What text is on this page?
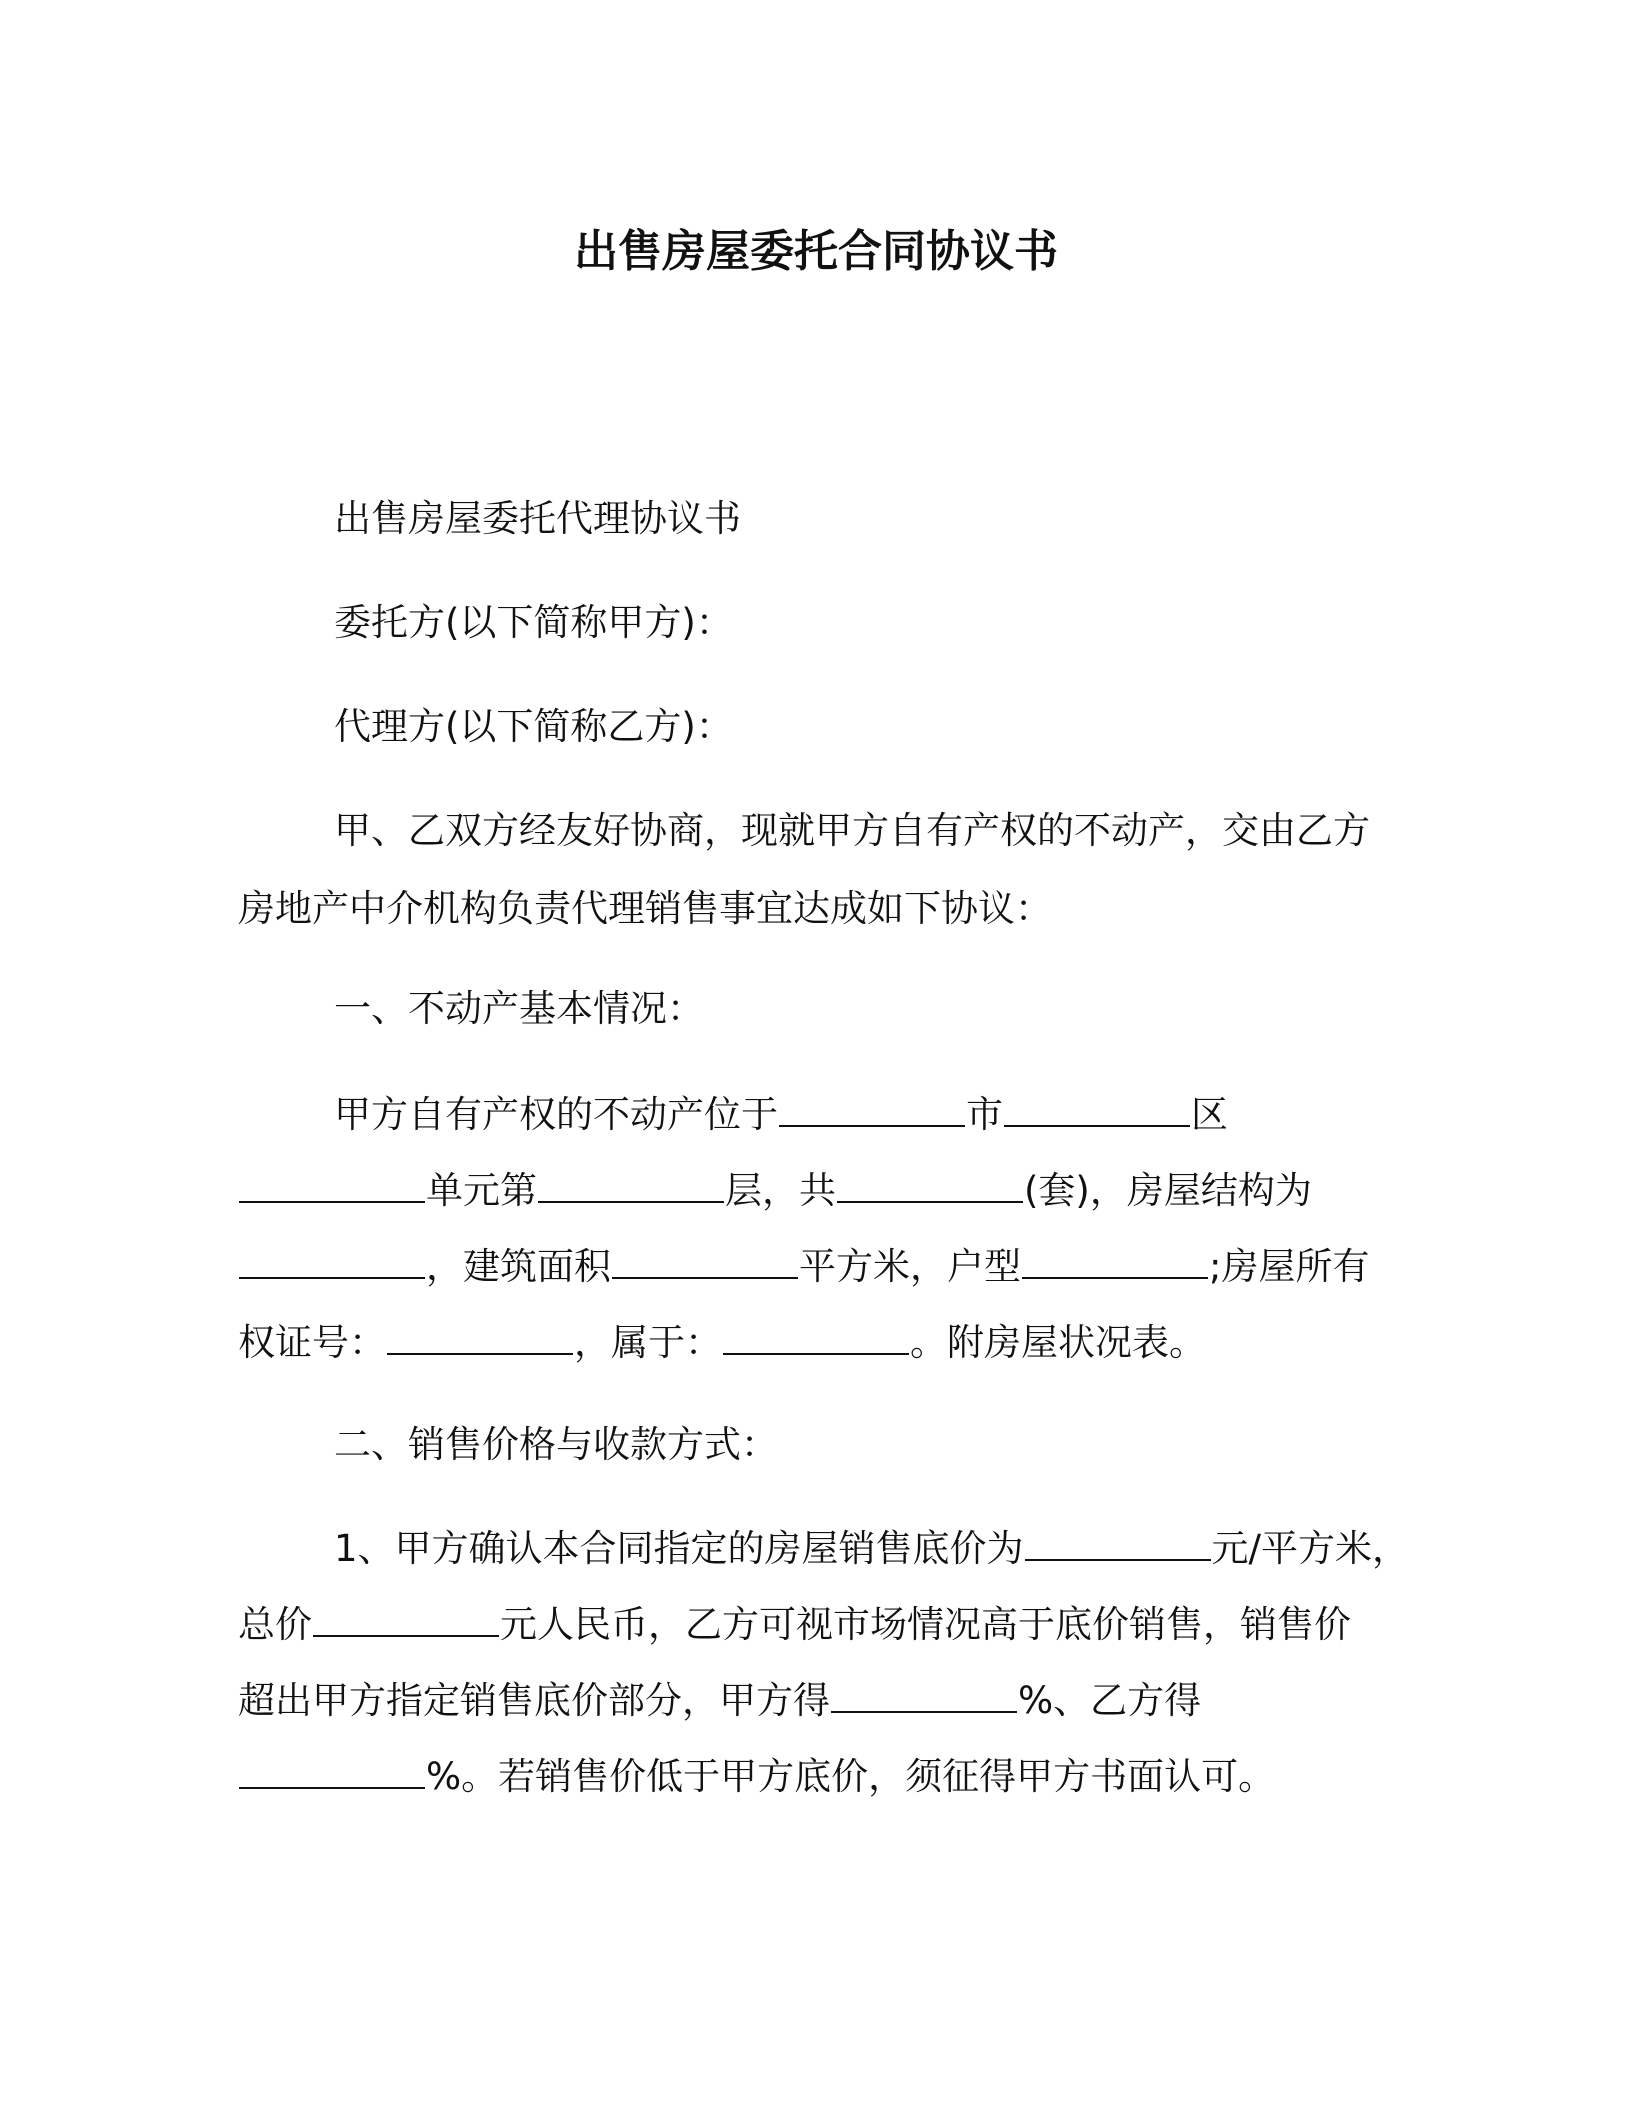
出售房屋委托合同协议书
出售房屋委托代理协议书
委托方(以下简称甲方)：
代理方(以下简称乙方)：
甲、乙双方经友好协商，现就甲方自有产权的不动产，交由乙方
房地产中介机构负责代理销售事宜达成如下协议：
一、不动产基本情况：
甲方自有产权的不动产位于	市	区
单元第	层，共	(套)，房屋结构为
，建筑面积	平方米，户型	;房屋所有
权证号：	，属于：	。附房屋状况表。
二、销售价格与收款方式：
1、甲方确认本合同指定的房屋销售底价为	元/平方米，
总价	元人民币，乙方可视市场情况高于底价销售，销售价
超出甲方指定销售底价部分，甲方得	%、乙方得
%。若销售价低于甲方底价，须征得甲方书面认可。
